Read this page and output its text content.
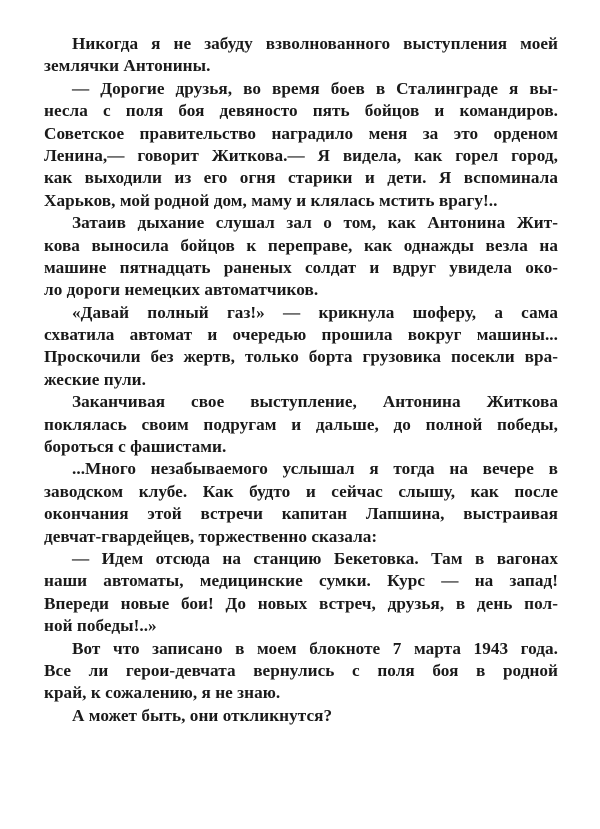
Никогда я не забуду взволнованного выступления моей
землячки Антонины.
— Дорогие друзья, во время боев в Сталинграде я вы-
несла с поля боя девяносто пять бойцов и командиров.
Советское правительство наградило меня за это орденом
Ленина,— говорит Житкова.— Я видела, как горел город,
как выходили из его огня старики и дети. Я вспоминала
Харьков, мой родной дом, маму и клялась мстить врагу!..
Затаив дыхание слушал зал о том, как Антонина Жит-
кова выносила бойцов к переправе, как однажды везла на
машине пятнадцать раненых солдат и вдруг увидела око-
ло дороги немецких автоматчиков.
«Давай полный газ!» — крикнула шоферу, а сама
схватила автомат и очередью прошила вокруг машины...
Проскочили без жертв, только борта грузовика посекли вра-
жеские пули.
Заканчивая свое выступление, Антонина Житкова
поклялась своим подругам и дальше, до полной победы,
бороться с фашистами.
...Много незабываемого услышал я тогда на вечере в
заводском клубе. Как будто и сейчас слышу, как после
окончания этой встречи капитан Лапшина, выстраивая
девчат-гвардейцев, торжественно сказала:
— Идем отсюда на станцию Бекетовка. Там в вагонах
наши автоматы, медицинские сумки. Курс — на запад!
Впереди новые бои! До новых встреч, друзья, в день пол-
ной победы!..»
Вот что записано в моем блокноте 7 марта 1943 года.
Все ли герои-девчата вернулись с поля боя в родной
край, к сожалению, я не знаю.
А может быть, они откликнутся?
